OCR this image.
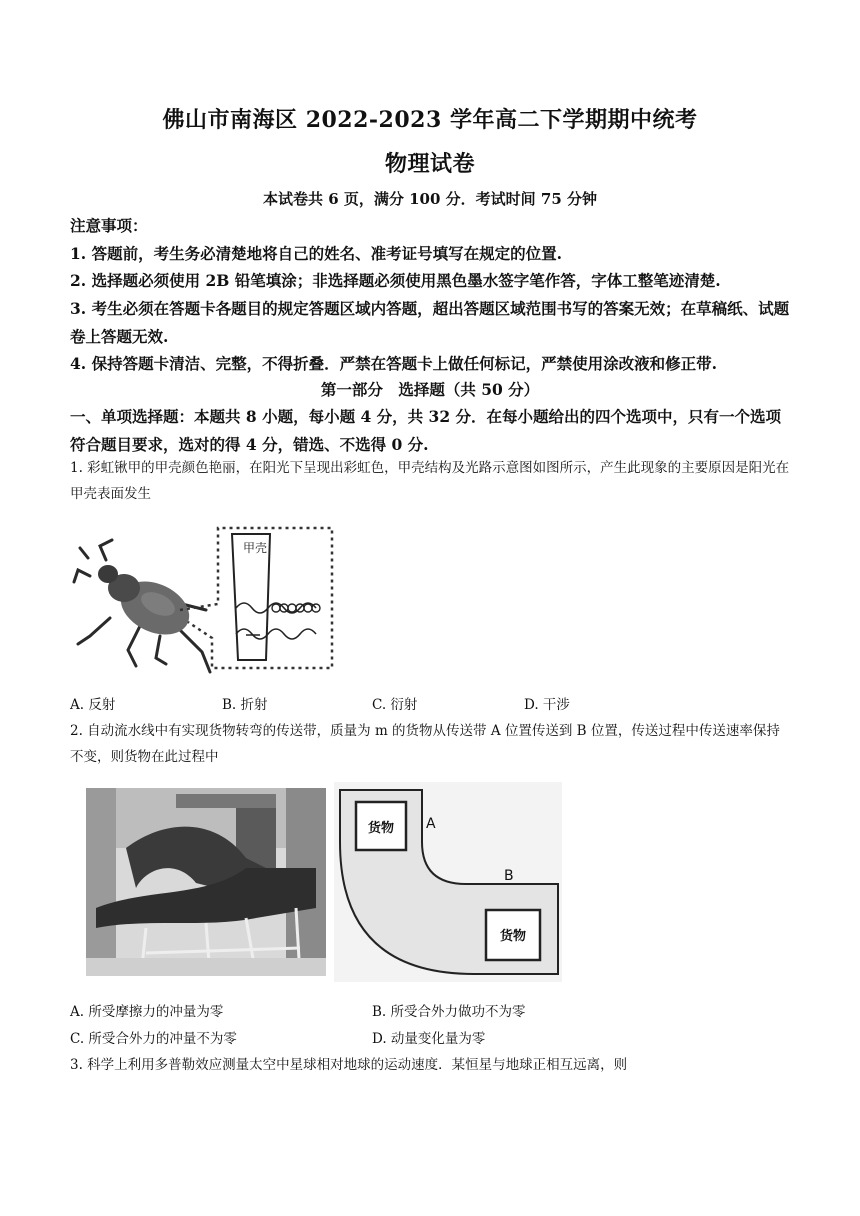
佛山市南海区 2022-2023 学年高二下学期期中统考
物理试卷
本试卷共 6 页，满分 100 分．考试时间 75 分钟
注意事项：
1. 答题前，考生务必清楚地将自己的姓名、准考证号填写在规定的位置.
2. 选择题必须使用 2B 铅笔填涂；非选择题必须使用黑色墨水签字笔作答，字体工整笔迹清楚.
3. 考生必须在答题卡各题目的规定答题区域内答题，超出答题区域范围书写的答案无效；在草稿纸、试题卷上答题无效.
4. 保持答题卡清洁、完整，不得折叠．严禁在答题卡上做任何标记，严禁使用涂改液和修正带.
第一部分　选择题（共 50 分）
一、单项选择题：本题共 8 小题，每小题 4 分，共 32 分．在每小题给出的四个选项中，只有一个选项符合题目要求，选对的得 4 分，错选、不选得 0 分.
1. 彩虹锹甲的甲壳颜色艳丽，在阳光下呈现出彩虹色，甲壳结构及光路示意图如图所示，产生此现象的主要原因是阳光在甲壳表面发生
甲壳
A. 反射	B. 折射	C. 衍射	D. 干涉
2. 自动流水线中有实现货物转弯的传送带，质量为 m 的货物从传送带 A 位置传送到 B 位置，传送过程中传送速率保持不变，则货物在此过程中
货物 A
B
货物
A. 所受摩擦力的冲量为零	B. 所受合外力做功不为零
C. 所受合外力的冲量不为零	D. 动量变化量为零
3. 科学上利用多普勒效应测量太空中星球相对地球的运动速度．某恒星与地球正相互远离，则
